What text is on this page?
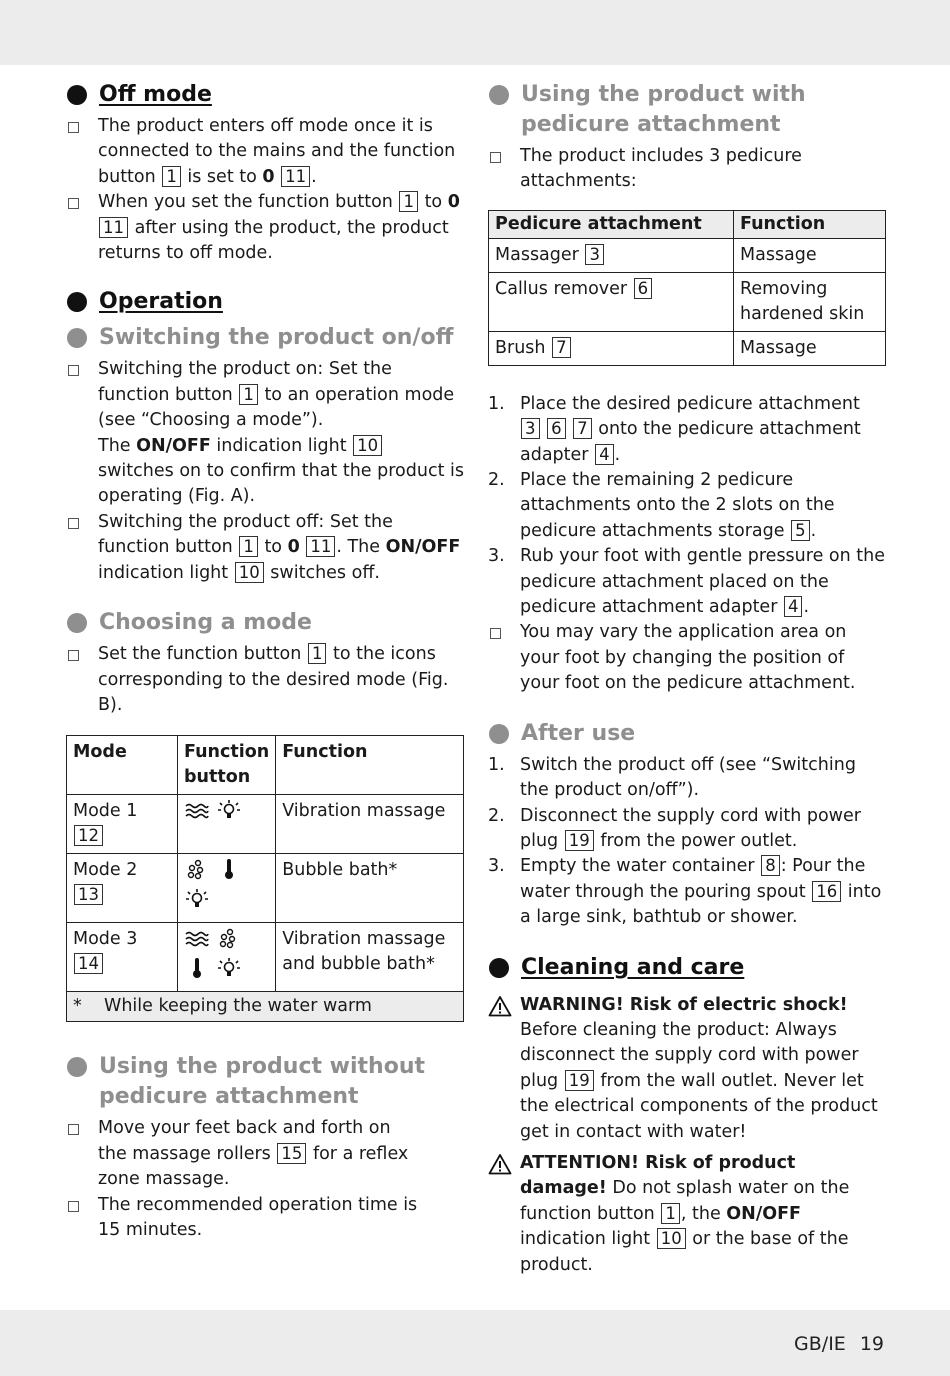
Off mode
The product enters off mode once it is connected to the mains and the function button 1 is set to 0 11 .
When you set the function button 1 to 0 11 after using the product, the product returns to off mode.
Operation
Switching the product on/off
Switching the product on: Set the function button 1 to an operation mode (see “Choosing a mode”).
The ON/OFF indication light 10 switches on to confirm that the product is operating (Fig. A).
Switching the product off: Set the function button 1 to 0 11 . The ON/OFF indication light 10 switches off.
Choosing a mode
Set the function button 1 to the icons corresponding to the desired mode (Fig. B).
Mode	Function button	Function
Mode 1 12		Vibration massage
Mode 2 13		Bubble bath*
Mode 3 14		Vibration massage and bubble bath*
* While keeping the water warm		
Using the product without pedicure attachment
Move your feet back and forth on the massage rollers 15 for a reflex zone massage.
The recommended operation time is 15 minutes.
Using the product with pedicure attachment
The product includes 3 pedicure attachments:
Pedicure attachment	Function
Massager 3	Massage
Callus remover 6	Removing hardened skin
Brush 7	Massage
1. Place the desired pedicure attachment 3 6 7 onto the pedicure attachment adapter 4 .
2. Place the remaining 2 pedicure attachments onto the 2 slots on the pedicure attachments storage 5 .
3. Rub your foot with gentle pressure on the pedicure attachment placed on the pedicure attachment adapter 4 .
You may vary the application area on your foot by changing the position of your foot on the pedicure attachment.
After use
1. Switch the product off (see “Switching the product on/off”).
2. Disconnect the supply cord with power plug 19 from the power outlet.
3. Empty the water container 8 : Pour the water through the pouring spout 16 into a large sink, bathtub or shower.
Cleaning and care
WARNING! Risk of electric shock!
Before cleaning the product: Always disconnect the supply cord with power plug 19 from the wall outlet. Never let the electrical components of the product get in contact with water!
ATTENTION! Risk of product damage! Do not splash water on the function button 1 , the ON/OFF indication light 10 or the base of the product.
GB/IE 19
